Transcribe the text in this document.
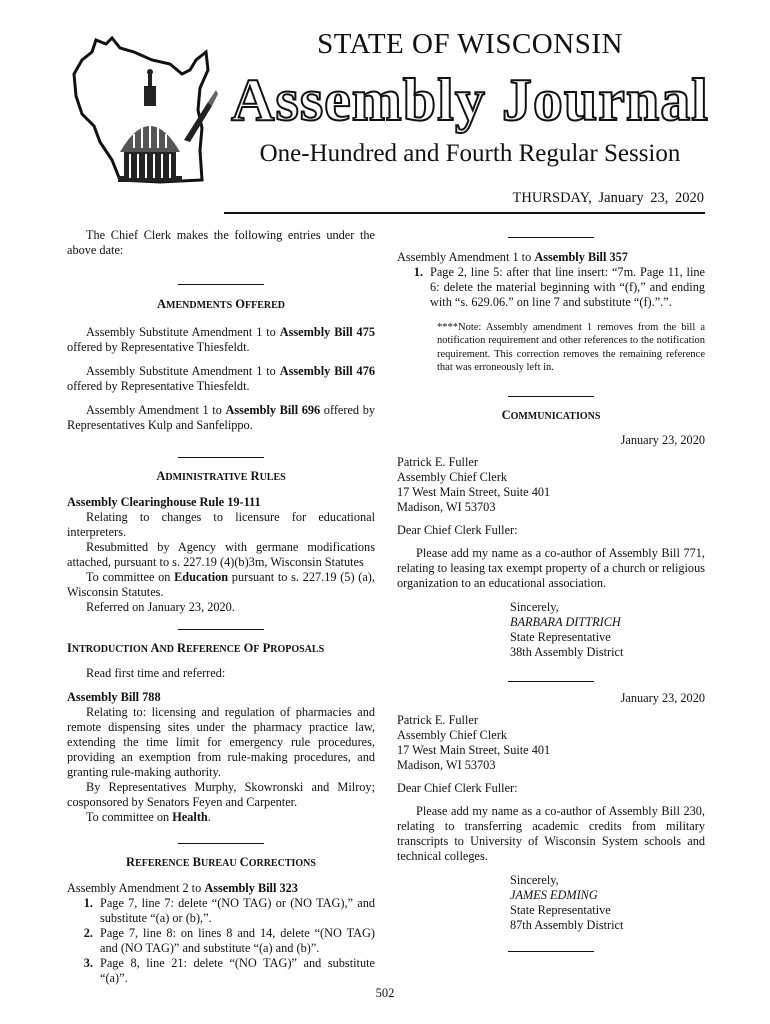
STATE OF WISCONSIN
Assembly Journal
One-Hundred and Fourth Regular Session
THURSDAY, January 23, 2020

The Chief Clerk makes the following entries under the above date:

AMENDMENTS OFFERED

Assembly Substitute Amendment 1 to Assembly Bill 475 offered by Representative Thiesfeldt.

Assembly Substitute Amendment 1 to Assembly Bill 476 offered by Representative Thiesfeldt.

Assembly Amendment 1 to Assembly Bill 696 offered by Representatives Kulp and Sanfelippo.

ADMINISTRATIVE RULES

Assembly Clearinghouse Rule 19-111

Relating to changes to licensure for educational interpreters.

Resubmitted by Agency with germane modifications attached, pursuant to s. 227.19 (4)(b)3m, Wisconsin Statutes

To committee on Education pursuant to s. 227.19 (5) (a), Wisconsin Statutes.

Referred on January 23, 2020.

INTRODUCTION AND REFERENCE OF PROPOSALS

Read first time and referred:

Assembly Bill 788

Relating to: licensing and regulation of pharmacies and remote dispensing sites under the pharmacy practice law, extending the time limit for emergency rule procedures, providing an exemption from rule-making procedures, and granting rule-making authority.

By Representatives Murphy, Skowronski and Milroy; cosponsored by Senators Feyen and Carpenter.

To committee on Health.

REFERENCE BUREAU CORRECTIONS

Assembly Amendment 2 to Assembly Bill 323

1. Page 7, line 7: delete “(NO TAG) or (NO TAG),” and substitute “(a) or (b),”.
2. Page 7, line 8: on lines 8 and 14, delete “(NO TAG) and (NO TAG)” and substitute “(a) and (b)”.
3. Page 8, line 21: delete “(NO TAG)” and substitute “(a)”.

Assembly Amendment 1 to Assembly Bill 357

1. Page 2, line 5: after that line insert: “7m. Page 11, line 6: delete the material beginning with “(f),” and ending with “s. 629.06.” on line 7 and substitute “(f).”.”.

****Note: Assembly amendment 1 removes from the bill a notification requirement and other references to the notification requirement. This correction removes the remaining reference that was erroneously left in.

COMMUNICATIONS

January 23, 2020

Patrick E. Fuller
Assembly Chief Clerk
17 West Main Street, Suite 401
Madison, WI 53703

Dear Chief Clerk Fuller:

Please add my name as a co-author of Assembly Bill 771, relating to leasing tax exempt property of a church or religious organization to an educational association.

Sincerely,
BARBARA DITTRICH
State Representative
38th Assembly District

January 23, 2020

Patrick E. Fuller
Assembly Chief Clerk
17 West Main Street, Suite 401
Madison, WI 53703

Dear Chief Clerk Fuller:

Please add my name as a co-author of Assembly Bill 230, relating to transferring academic credits from military transcripts to University of Wisconsin System schools and technical colleges.

Sincerely,
JAMES EDMING
State Representative
87th Assembly District
502
